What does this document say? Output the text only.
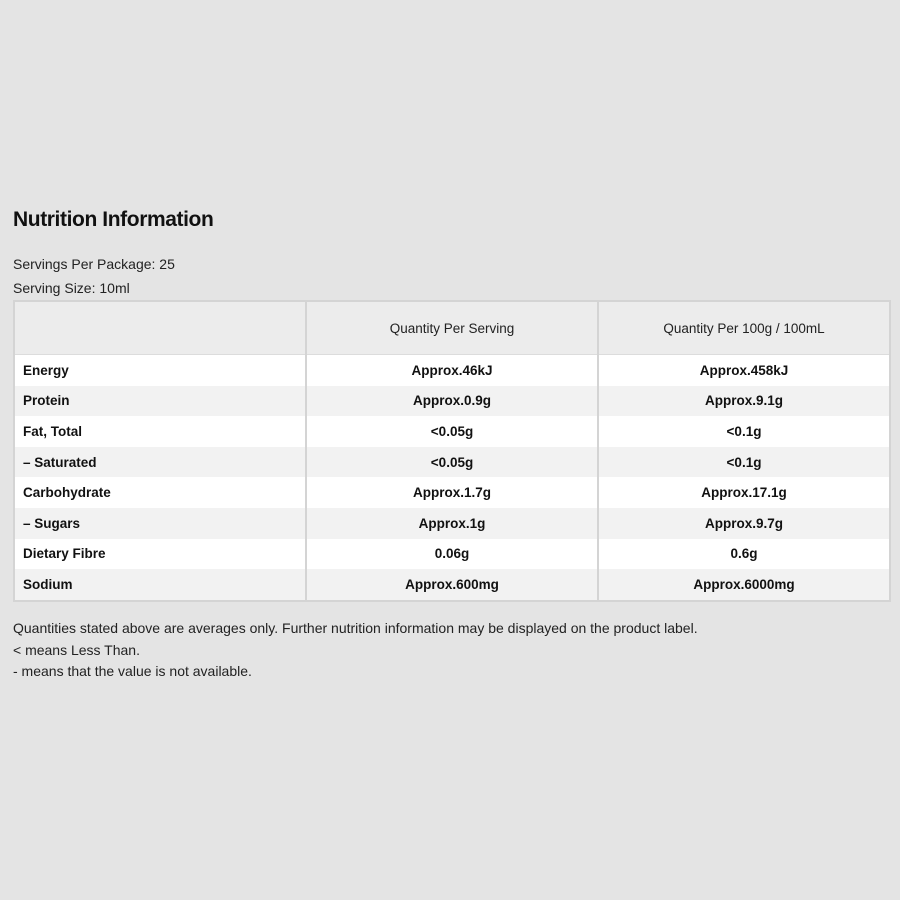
Nutrition Information
Servings Per Package: 25
Serving Size: 10ml
	Quantity Per Serving	Quantity Per 100g / 100mL
Energy	Approx.46kJ	Approx.458kJ
Protein	Approx.0.9g	Approx.9.1g
Fat, Total	<0.05g	<0.1g
– Saturated	<0.05g	<0.1g
Carbohydrate	Approx.1.7g	Approx.17.1g
– Sugars	Approx.1g	Approx.9.7g
Dietary Fibre	0.06g	0.6g
Sodium	Approx.600mg	Approx.6000mg
Quantities stated above are averages only. Further nutrition information may be displayed on the product label.
< means Less Than.
- means that the value is not available.
